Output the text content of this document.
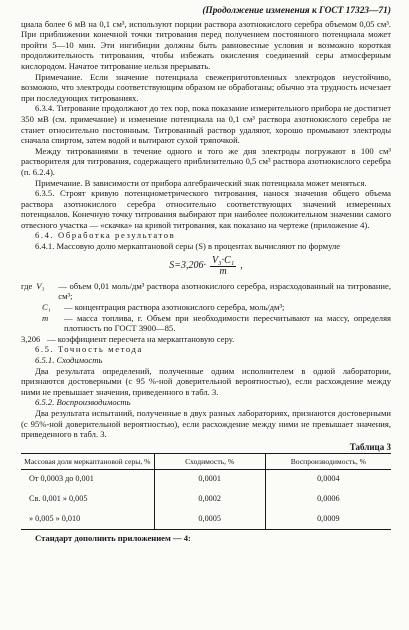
(Продолжение изменения к ГОСТ 17323—71)

циала более 6 мВ на 0,1 см³, используют порции раствора азотнокислого серебра объемом 0,05 см³. При приближении конечной точки титрования перед получением постоянного потенциала может пройти 5—10 мин. Эти ингибиции должны быть равновесные условия и возможно короткая продолжительность титрования, чтобы избежать окисления соединений серы атмосферным кислородом. Начатое титрование нельзя прерывать.

Примечание. Если значение потенциала свежеприготовленных электродов неустойчиво, возможно, что электроды соответствующим образом не обработаны; обычно эта трудность исчезает при последующих титрованиях.

6.3.4. Титрование продолжают до тех пор, пока показание измерительного прибора не достигнет 350 мВ (см. примечание) и изменение потенциала на 0,1 см³ раствора азотнокислого серебра не станет относительно постоянным. Титрованный раствор удаляют, хорошо промывают электроды сначала спиртом, затем водой и вытирают сухой тряпочкой.

Между титрованиями в течение одного и того же дня электроды погружают в 100 см³ растворителя для титрования, содержащего приблизительно 0,5 см³ раствора азотнокислого серебра (п. 6.2.4).

Примечание. В зависимости от прибора алгебраический знак потенциала может меняться.

6.3.5. Строят кривую потенциометрического титрования, нанося значения общего объема раствора азотнокислого серебра относительно соответствующих значений измеренных потенциалов. Конечную точку титрования выбирают при наиболее положительном значении самого отвесного участка — «скачка» на кривой титрования, как показано на чертеже (приложение 4).

6.4. Обработка результатов

6.4.1. Массовую долю меркаптановой серы (S) в процентах вычисляют по формуле

$S=3,206\cdot \frac{\text{V₃·C₁}}{m}$ ,
где V₃	— объем 0,01 моль/дм³ раствора азотнокислого серебра, израсходованный на титрование, см³;
C₁	— концентрация раствора азотнокислого серебра, моль/дм³;
m	— масса топлива, г. Объем при необходимости пересчитывают на массу, определяя плотность по ГОСТ 3900—85.
3,206 — коэффициент пересчета на меркаптановую серу.

6.5. Точность метода

6.5.1. Сходимость

Два результата определений, полученные одним исполнителем в одной лаборатории, признаются достоверными (с 95 %-ной доверительной вероятностью), если расхождение между ними не превышает значения, приведенного в табл. 3.

6.5.2. Воспроизводимость

Два результата испытаний, полученные в двух разных лабораториях, признаются достоверными (с 95%-ной доверительной вероятностью), если расхождение между ними не превышает значения, приведенного в табл. 3.

Таблица 3
Массовая доля меркаптановой серы, %	Сходимость, %	Воспроизводимость, %
От 0,0003 до 0,001	0,0001	0,0004
Св. 0,001 » 0,005	0,0002	0,0006
» 0,005 » 0,010	0,0005	0,0009

Стандарт дополнить приложением — 4:
